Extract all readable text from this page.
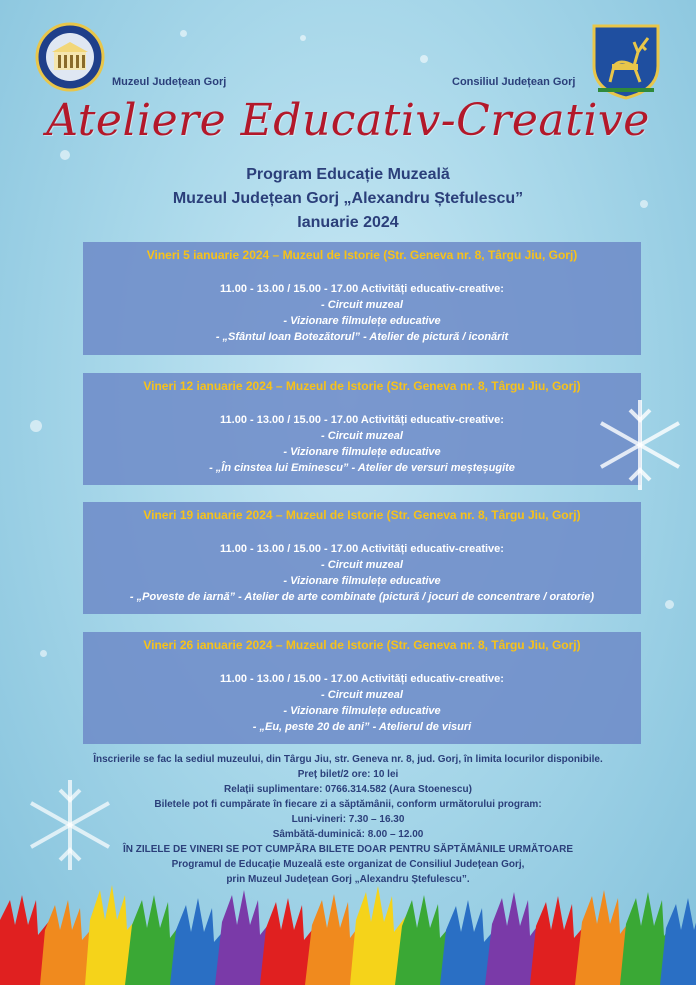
Muzeul Județean Gorj	Consiliul Județean Gorj
Ateliere Educativ-Creative
Program Educație Muzeală
Muzeul Județean Gorj „Alexandru Ștefulescu”
Ianuarie 2024
Vineri 5 ianuarie 2024 – Muzeul de Istorie (Str. Geneva nr. 8, Târgu Jiu, Gorj)
11.00 - 13.00 / 15.00 - 17.00 Activități educativ-creative:
- Circuit muzeal
- Vizionare filmulețe educative
- „Sfântul Ioan Botezătorul” - Atelier de pictură / iconărit
Vineri 12 ianuarie 2024 – Muzeul de Istorie (Str. Geneva nr. 8, Târgu Jiu, Gorj)
11.00 - 13.00 / 15.00 - 17.00 Activități educativ-creative:
- Circuit muzeal
- Vizionare filmulețe educative
- „În cinstea lui Eminescu” - Atelier de versuri meșteșugite
Vineri 19 ianuarie 2024 – Muzeul de Istorie (Str. Geneva nr. 8, Târgu Jiu, Gorj)
11.00 - 13.00 / 15.00 - 17.00 Activități educativ-creative:
- Circuit muzeal
- Vizionare filmulețe educative
- „Poveste de iarnă” - Atelier de arte combinate (pictură / jocuri de concentrare / oratorie)
Vineri 26 ianuarie 2024 – Muzeul de Istorie (Str. Geneva nr. 8, Târgu Jiu, Gorj)
11.00 - 13.00 / 15.00 - 17.00 Activități educativ-creative:
- Circuit muzeal
- Vizionare filmulețe educative
- „Eu, peste 20 de ani” - Atelierul de visuri
Înscrierile se fac la sediul muzeului, din Târgu Jiu, str. Geneva nr. 8, jud. Gorj, în limita locurilor disponibile.
Preț bilet/2 ore: 10 lei
Relații suplimentare: 0766.314.582 (Aura Stoenescu)
Biletele pot fi cumpărate în fiecare zi a săptămânii, conform următorului program:
Luni-vineri: 7.30 – 16.30
Sâmbătă-duminică: 8.00 – 12.00
ÎN ZILELE DE VINERI SE POT CUMPĂRA BILETE DOAR PENTRU SĂPTĂMÂNILE URMĂTOARE
Programul de Educație Muzeală este organizat de Consiliul Județean Gorj,
prin Muzeul Județean Gorj „Alexandru Ștefulescu”.
